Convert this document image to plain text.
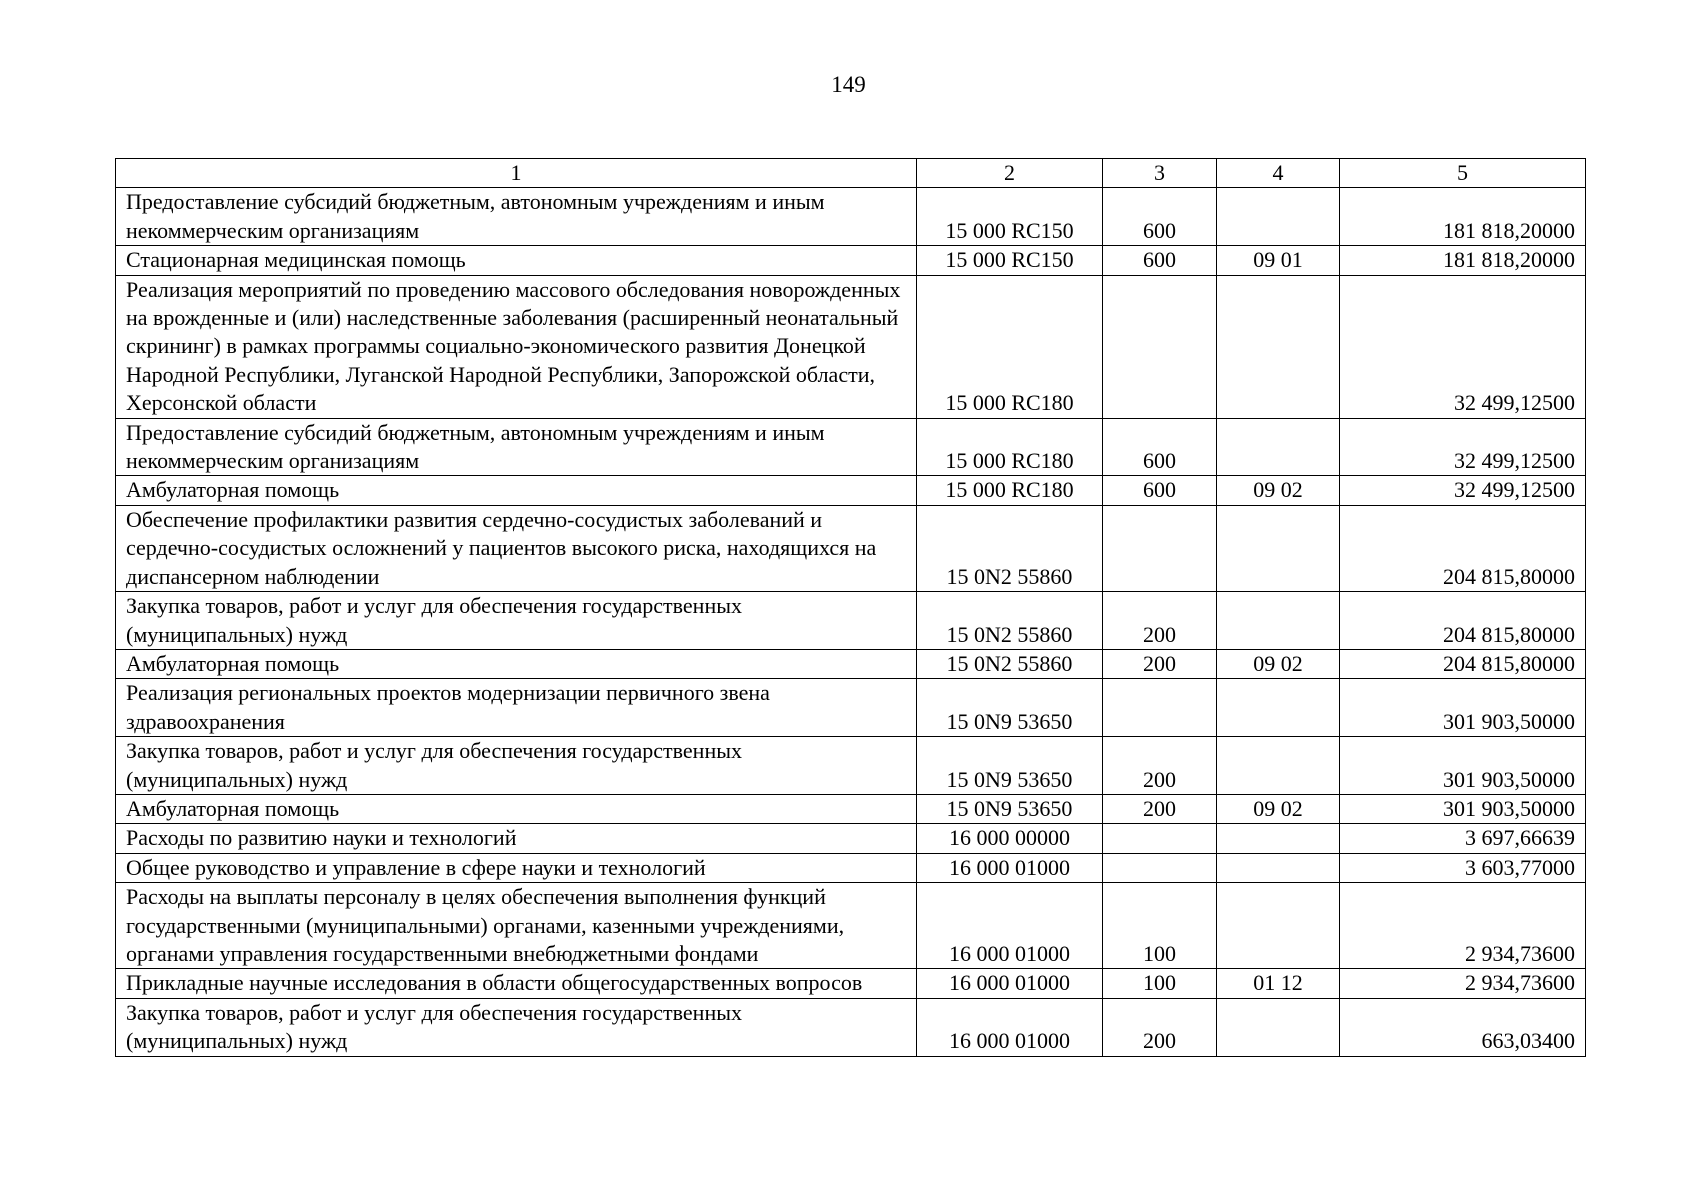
149
1	2	3	4	5
Предоставление субсидий бюджетным, автономным учреждениям и иным некоммерческим организациям	15 000 RC150	600		181 818,20000
Стационарная медицинская помощь	15 000 RC150	600	09 01	181 818,20000
Реализация мероприятий по проведению массового обследования новорожденных на врожденные и (или) наследственные заболевания (расширенный неонатальный скрининг) в рамках программы социально-экономического развития Донецкой Народной Республики, Луганской Народной Республики, Запорожской области, Херсонской области	15 000 RC180			32 499,12500
Предоставление субсидий бюджетным, автономным учреждениям и иным некоммерческим организациям	15 000 RC180	600		32 499,12500
Амбулаторная помощь	15 000 RC180	600	09 02	32 499,12500
Обеспечение профилактики развития сердечно-сосудистых заболеваний и сердечно-сосудистых осложнений у пациентов высокого риска, находящихся на диспансерном наблюдении	15 0N2 55860			204 815,80000
Закупка товаров, работ и услуг для обеспечения государственных (муниципальных) нужд	15 0N2 55860	200		204 815,80000
Амбулаторная помощь	15 0N2 55860	200	09 02	204 815,80000
Реализация региональных проектов модернизации первичного звена здравоохранения	15 0N9 53650			301 903,50000
Закупка товаров, работ и услуг для обеспечения государственных (муниципальных) нужд	15 0N9 53650	200		301 903,50000
Амбулаторная помощь	15 0N9 53650	200	09 02	301 903,50000
Расходы по развитию науки и технологий	16 000 00000			3 697,66639
Общее руководство и управление в сфере науки и технологий	16 000 01000			3 603,77000
Расходы на выплаты персоналу в целях обеспечения выполнения функций государственными (муниципальными) органами, казенными учреждениями, органами управления государственными внебюджетными фондами	16 000 01000	100		2 934,73600
Прикладные научные исследования в области общегосударственных вопросов	16 000 01000	100	01 12	2 934,73600
Закупка товаров, работ и услуг для обеспечения государственных (муниципальных) нужд	16 000 01000	200		663,03400
